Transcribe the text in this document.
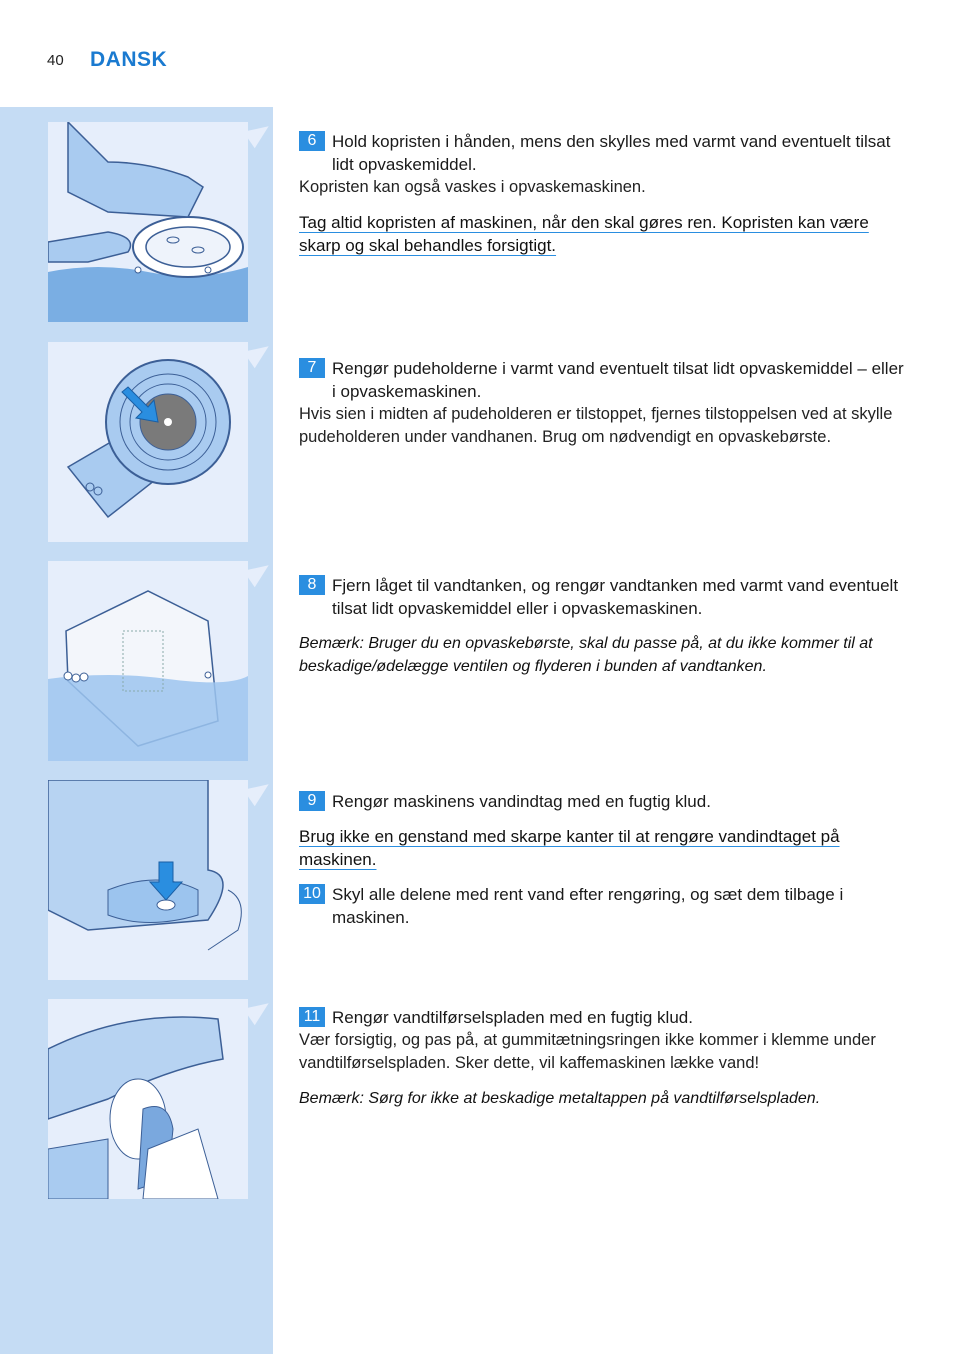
40 DANSK
6 Hold kopristen i hånden, mens den skylles med varmt vand eventuelt tilsat lidt opvaskemiddel.
Kopristen kan også vaskes i opvaskemaskinen.
Tag altid kopristen af maskinen, når den skal gøres ren. Kopristen kan være skarp og skal behandles forsigtigt.
7 Rengør pudeholderne i varmt vand eventuelt tilsat lidt opvaskemiddel – eller i opvaskemaskinen.
Hvis sien i midten af pudeholderen er tilstoppet, fjernes tilstoppelsen ved at skylle pudeholderen under vandhanen. Brug om nødvendigt en opvaskebørste.
8 Fjern låget til vandtanken, og rengør vandtanken med varmt vand eventuelt tilsat lidt opvaskemiddel eller i opvaskemaskinen.
Bemærk: Bruger du en opvaskebørste, skal du passe på, at du ikke kommer til at beskadige/ødelægge ventilen og flyderen i bunden af vandtanken.
9 Rengør maskinens vandindtag med en fugtig klud.
Brug ikke en genstand med skarpe kanter til at rengøre vandindtaget på maskinen.
10 Skyl alle delene med rent vand efter rengøring, og sæt dem tilbage i maskinen.
11 Rengør vandtilførselspladen med en fugtig klud.
Vær forsigtig, og pas på, at gummitætningsringen ikke kommer i klemme under vandtilførselspladen. Sker dette, vil kaffemaskinen lække vand!
Bemærk: Sørg for ikke at beskadige metaltappen på vandtilførselspladen.
